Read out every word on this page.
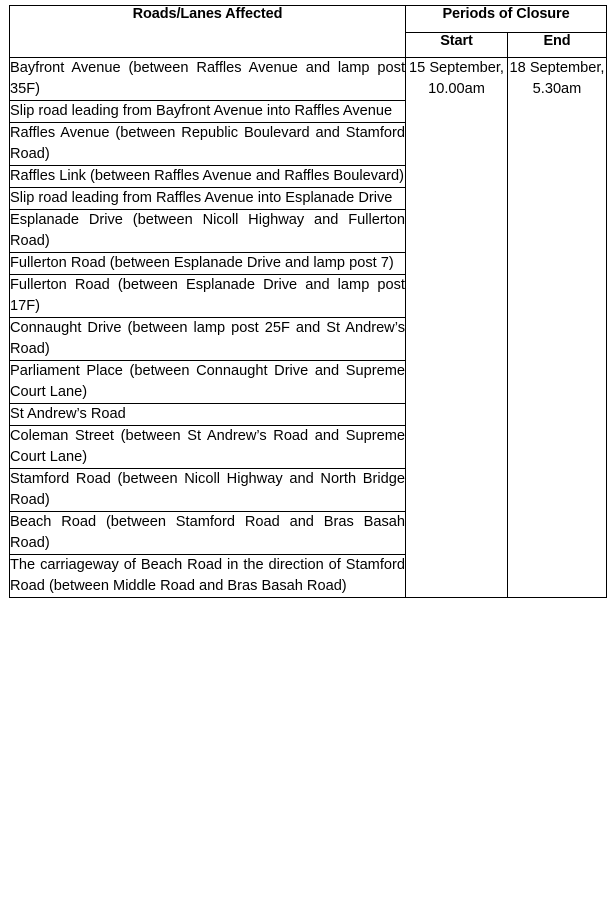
Roads/Lanes Affected	Periods of Closure	
	Start	End

Bayfront Avenue (between Raffles Avenue and lamp post 35F)	15 September, 10.00am	18 September, 5.30am

Slip road leading from Bayfront Avenue into Raffles Avenue		

Raffles Avenue (between Republic Boulevard and Stamford Road)		

Raffles Link (between Raffles Avenue and Raffles Boulevard)		

Slip road leading from Raffles Avenue into Esplanade Drive		

Esplanade Drive (between Nicoll Highway and Fullerton Road)		

Fullerton Road (between Esplanade Drive and lamp post 7)		

Fullerton Road (between Esplanade Drive and lamp post 17F)		

Connaught Drive (between lamp post 25F and St Andrew’s Road)		

Parliament Place (between Connaught Drive and Supreme Court Lane)		

St Andrew’s Road		

Coleman Street (between St Andrew’s Road and Supreme Court Lane)		

Stamford Road (between Nicoll Highway and North Bridge Road)		

Beach Road (between Stamford Road and Bras Basah Road)		

The carriageway of Beach Road in the direction of Stamford Road (between Middle Road and Bras Basah Road)		
